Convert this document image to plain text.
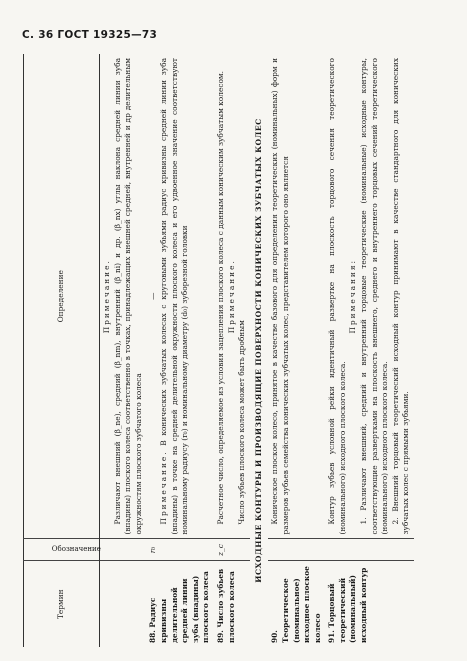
С. 36 ГОСТ 19325—73
Термин	Обозначение	Определение

		Примечание. Различают внешний (β_ne), средний (β_nm), внутренний (β_ni) и др. (β_nx) углы наклона средней линии зуба (впадины) плоского колеса соответственно в точках, принадлежащих внешней средней, внутренней и др делительным окружностям плоского зубчатого колеса

88. Радиус кривизны делительной средней линии зуба (впадины) плоского колеса	r₀	—

Примечание. В конических зубчатых колесах с круговыми зубьями радиус кривизны средней линии зуба (впадины) в точке на средней делительной окружности плоского колеса и его удвоенное значение соответствуют номинальному радиусу (r₀) и номинальному диаметру (d₀) зуборезной головки

89. Число зубьев плоского колеса	z_c	Расчетное число, определяемое из условия зацепления плоского колеса с данным коническим зубчатым колесом. Примечание.

Число зубьев плоского колеса может быть дробным

ИСХОДНЫЕ КОНТУРЫ И ПРОИЗВОДЯЩИЕ ПОВЕРХНОСТИ КОНИЧЕСКИХ ЗУБЧАТЫХ КОЛЕС		
90. Теоретическое (номинальное) исходное плоское колесо		Коническое плоское колесо, принятое в качестве базового для определения теоретических (номинальных) форм и размеров зубьев семейства конических зубчатых колес, представителем которого оно является

91. Торцовый теоретический (номинальный) исходный контур		Контур зубьев условной рейки идентичный развертке на плоскость торцового сечения теоретического (номинального) исходного плоского колеса.

Примечания: 1. Различают внешний, средний и внутренний торцовые теоретические (номинальные) исходные контуры, соответствующие развертками на плоскость внешнего, среднего и внутреннего торцовых сечений теоретического (номинального) исходного плоского колеса. 2. Внешний торцовый теоретический исходный контур принимают в качестве стандартного для конических зубчатых колес с прямыми зубьями.
